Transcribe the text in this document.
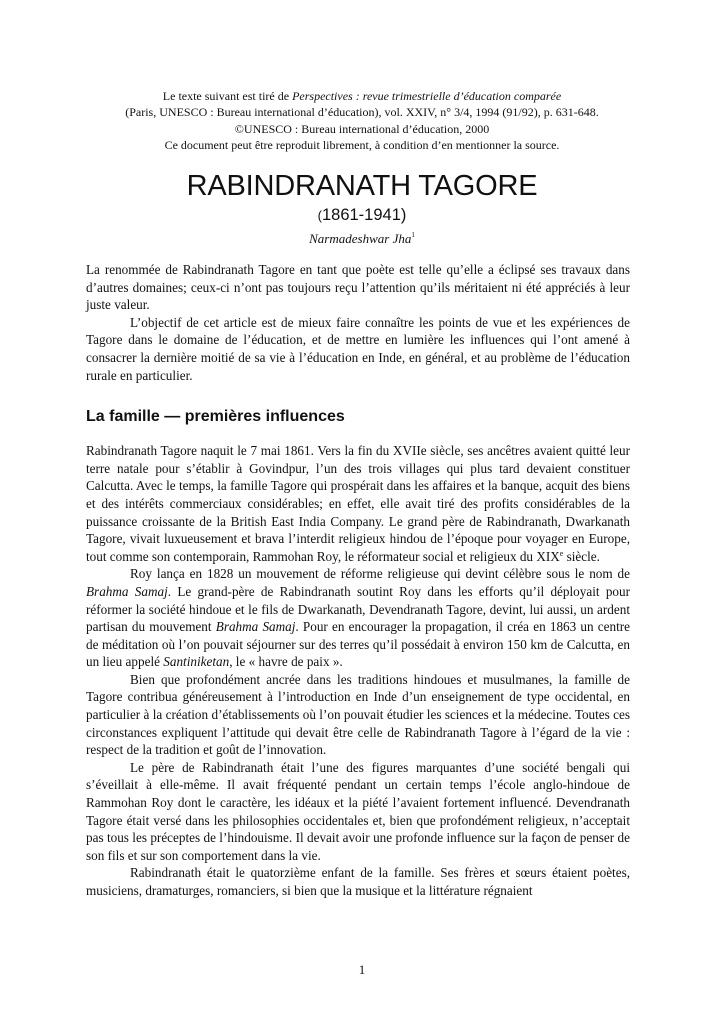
Le texte suivant est tiré de Perspectives : revue trimestrielle d’éducation comparée
(Paris, UNESCO : Bureau international d’éducation), vol. XXIV, n° 3/4, 1994 (91/92), p. 631-648.
©UNESCO : Bureau international d’éducation, 2000
Ce document peut être reproduit librement, à condition d’en mentionner la source.
RABINDRANATH TAGORE
(1861-1941)
Narmadeshwar Jha$^1$

La renommée de Rabindranath Tagore en tant que poète est telle qu’elle a éclipsé ses travaux dans d’autres domaines; ceux-ci n’ont pas toujours reçu l’attention qu’ils méritaient ni été appréciés à leur juste valeur.

L’objectif de cet article est de mieux faire connaître les points de vue et les expériences de Tagore dans le domaine de l’éducation, et de mettre en lumière les influences qui l’ont amené à consacrer la dernière moitié de sa vie à l’éducation en Inde, en général, et au problème de l’éducation rurale en particulier.

La famille — premières influences

Rabindranath Tagore naquit le 7 mai 1861. Vers la fin du XVIIe siècle, ses ancêtres avaient quitté leur terre natale pour s’établir à Govindpur, l’un des trois villages qui plus tard devaient constituer Calcutta. Avec le temps, la famille Tagore qui prospérait dans les affaires et la banque, acquit des biens et des intérêts commerciaux considérables; en effet, elle avait tiré des profits considérables de la puissance croissante de la British East India Company. Le grand père de Rabindranath, Dwarkanath Tagore, vivait luxueusement et brava l’interdit religieux hindou de l’époque pour voyager en Europe, tout comme son contemporain, Rammohan Roy, le réformateur social et religieux du XIXe siècle.

Roy lança en 1828 un mouvement de réforme religieuse qui devint célèbre sous le nom de Brahma Samaj. Le grand-père de Rabindranath soutint Roy dans les efforts qu’il déployait pour réformer la société hindoue et le fils de Dwarkanath, Devendranath Tagore, devint, lui aussi, un ardent partisan du mouvement Brahma Samaj. Pour en encourager la propagation, il créa en 1863 un centre de méditation où l’on pouvait séjourner sur des terres qu’il possédait à environ 150 km de Calcutta, en un lieu appelé Santiniketan, le « havre de paix ».

Bien que profondément ancrée dans les traditions hindoues et musulmanes, la famille de Tagore contribua généreusement à l’introduction en Inde d’un enseignement de type occidental, en particulier à la création d’établissements où l’on pouvait étudier les sciences et la médecine. Toutes ces circonstances expliquent l’attitude qui devait être celle de Rabindranath Tagore à l’égard de la vie : respect de la tradition et goût de l’innovation.

Le père de Rabindranath était l’une des figures marquantes d’une société bengali qui s’éveillait à elle-même. Il avait fréquenté pendant un certain temps l’école anglo-hindoue de Rammohan Roy dont le caractère, les idéaux et la piété l’avaient fortement influencé. Devendranath Tagore était versé dans les philosophies occidentales et, bien que profondément religieux, n’acceptait pas tous les préceptes de l’hindouisme. Il devait avoir une profonde influence sur la façon de penser de son fils et sur son comportement dans la vie.

Rabindranath était le quatorzième enfant de la famille. Ses frères et sœurs étaient poètes, musiciens, dramaturges, romanciers, si bien que la musique et la littérature régnaient

1
